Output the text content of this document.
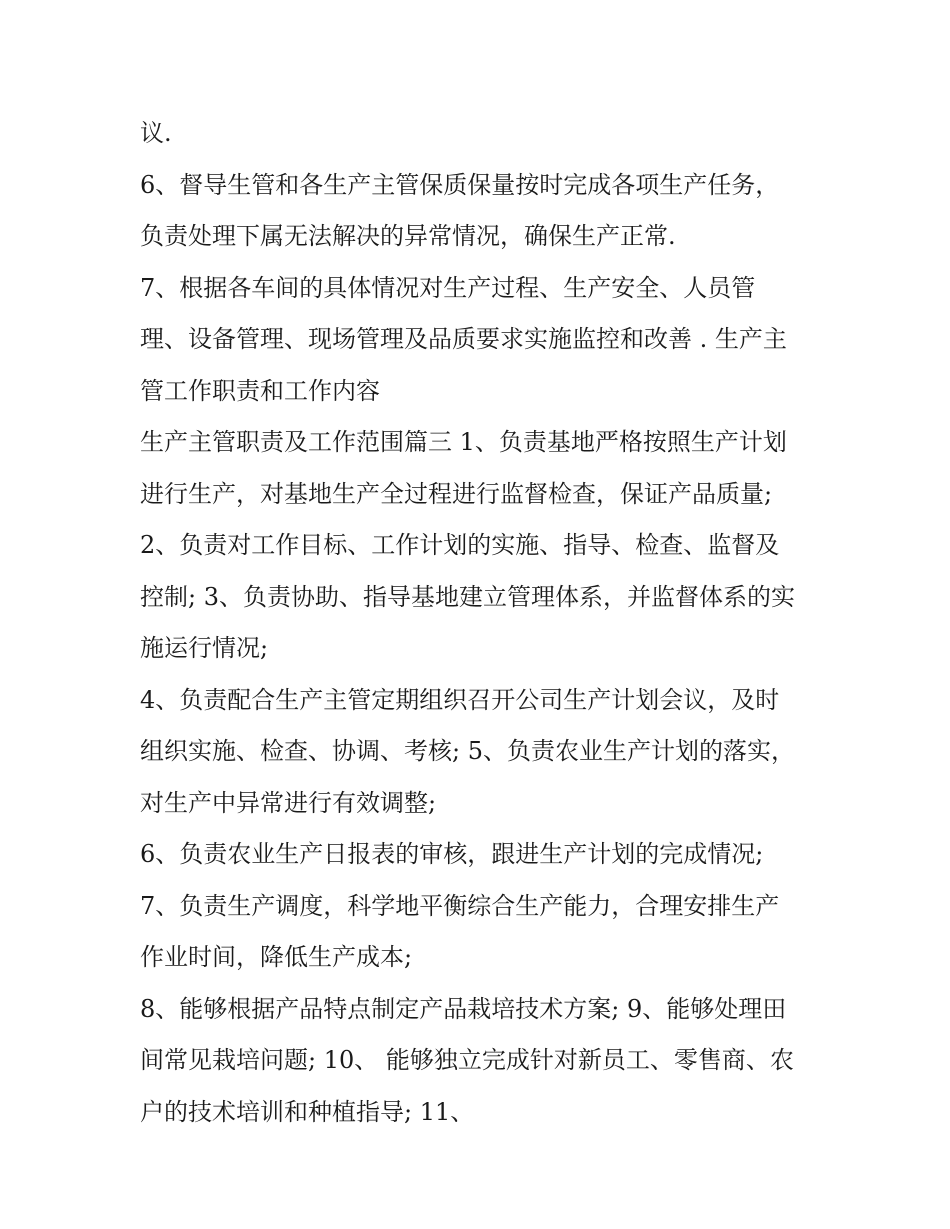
议.
6、督导生管和各生产主管保质保量按时完成各项生产任务，
负责处理下属无法解决的异常情况，确保生产正常.
7、根据各车间的具体情况对生产过程、生产安全、人员管
理、设备管理、现场管理及品质要求实施监控和改善 . 生产主
管工作职责和工作内容
生产主管职责及工作范围篇三 1、负责基地严格按照生产计划
进行生产，对基地生产全过程进行监督检查，保证产品质量;
2、负责对工作目标、工作计划的实施、指导、检查、监督及
控制; 3、负责协助、指导基地建立管理体系，并监督体系的实
施运行情况;
4、负责配合生产主管定期组织召开公司生产计划会议，及时
组织实施、检查、协调、考核; 5、负责农业生产计划的落实，
对生产中异常进行有效调整;
6、负责农业生产日报表的审核，跟进生产计划的完成情况;
7、负责生产调度，科学地平衡综合生产能力，合理安排生产
作业时间，降低生产成本;
8、能够根据产品特点制定产品栽培技术方案; 9、能够处理田
间常见栽培问题; 10、 能够独立完成针对新员工、零售商、农
户的技术培训和种植指导; 11、
